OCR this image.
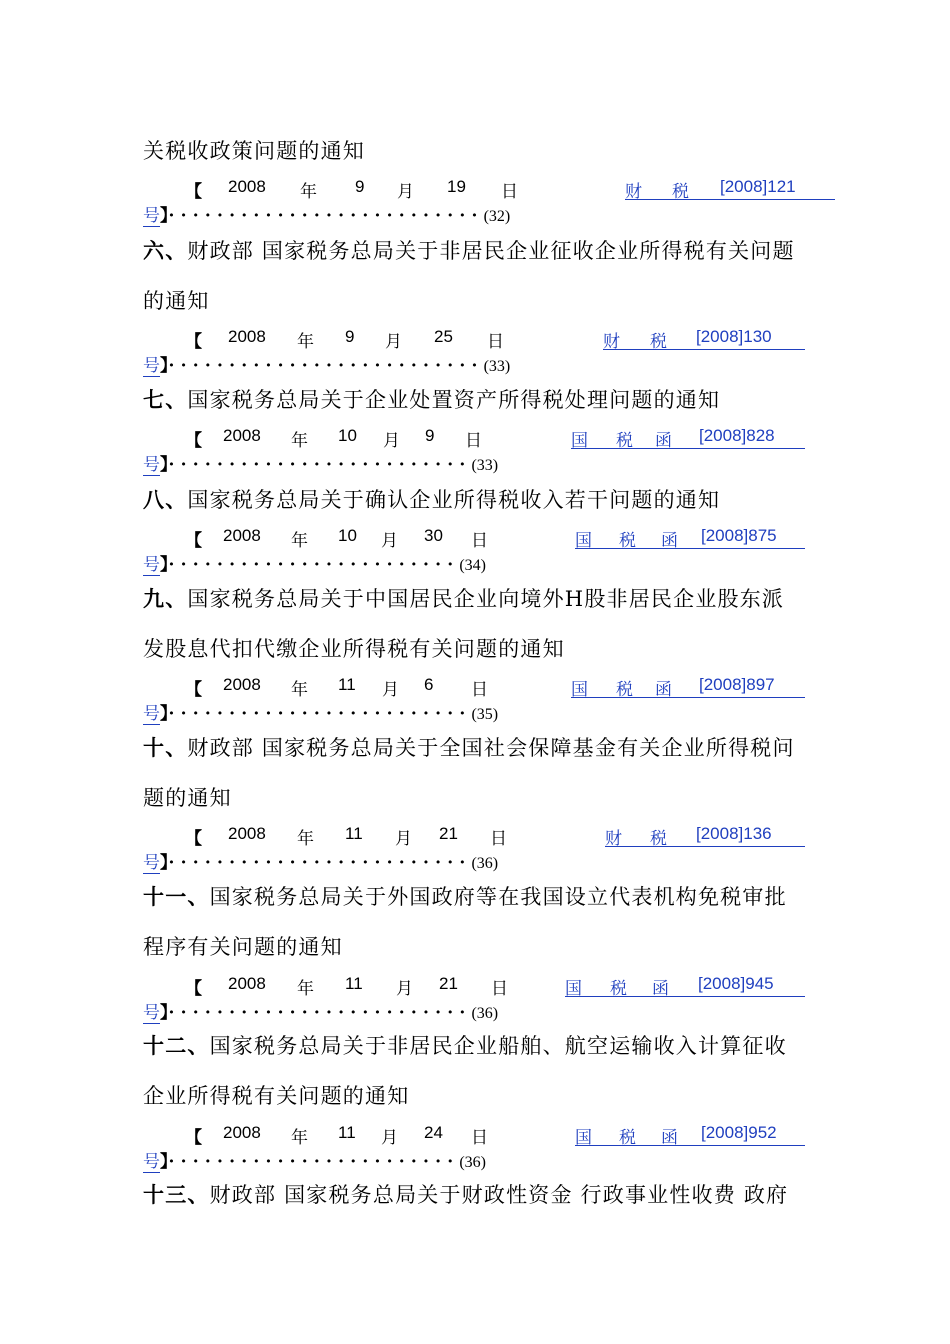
关税收政策问题的通知
【 2008 年 9 月 19 日	财 税 [2008]121
号】··························(32)
六、财政部 国家税务总局关于非居民企业征收企业所得税有关问题
的通知
【 2008 年 9 月 25 日	财 税 [2008]130
号】··························(33)
七、国家税务总局关于企业处置资产所得税处理问题的通知
【 2008 年 10 月 9 日	国 税 函 [2008]828
号】·························(33)
八、国家税务总局关于确认企业所得税收入若干问题的通知
【 2008 年 10 月 30 日	国 税 函 [2008]875
号】························(34)
九、国家税务总局关于中国居民企业向境外H股非居民企业股东派
发股息代扣代缴企业所得税有关问题的通知
【 2008 年 11 月 6 日	国 税 函 [2008]897
号】·························(35)
十、财政部 国家税务总局关于全国社会保障基金有关企业所得税问
题的通知
【 2008 年 11 月 21 日	财 税 [2008]136
号】·························(36)
十一、国家税务总局关于外国政府等在我国设立代表机构免税审批
程序有关问题的通知
【 2008 年 11 月 21 日	国 税 函 [2008]945
号】·························(36)
十二、国家税务总局关于非居民企业船舶、航空运输收入计算征收
企业所得税有关问题的通知
【 2008 年 11 月 24 日	国 税 函 [2008]952
号】························(36)
十三、财政部 国家税务总局关于财政性资金 行政事业性收费 政府
